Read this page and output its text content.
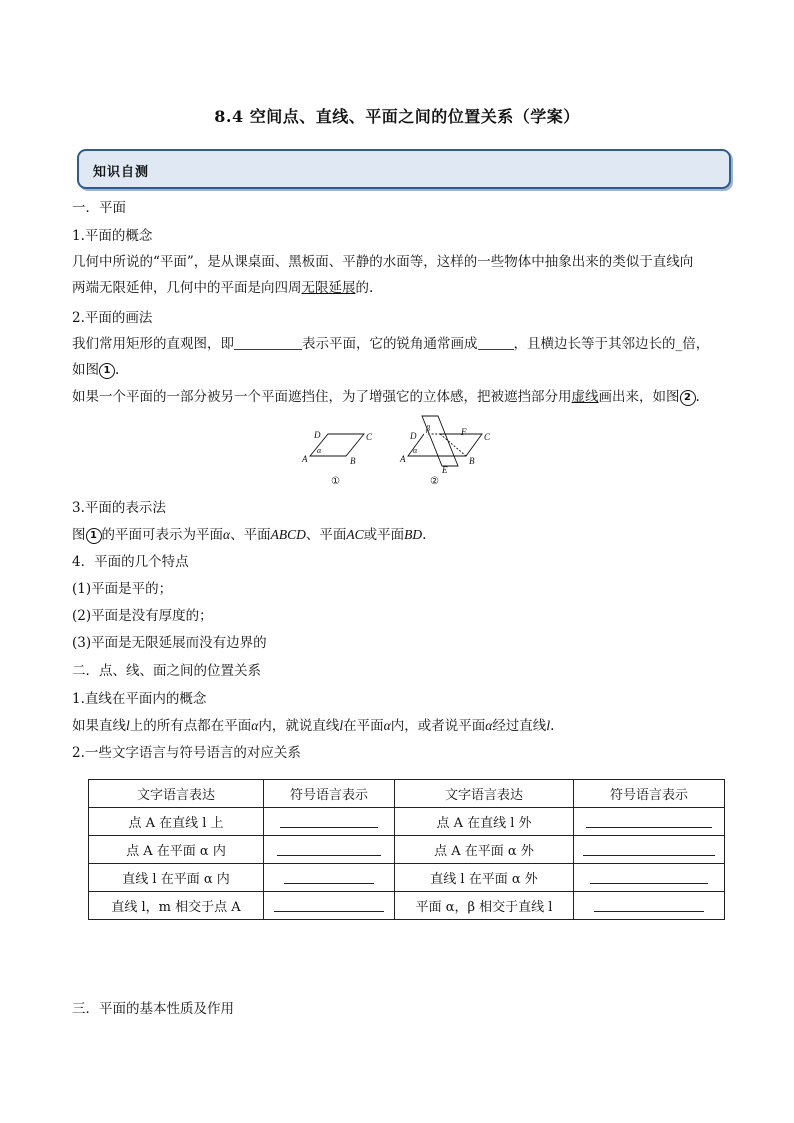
8.4 空间点、直线、平面之间的位置关系（学案）
知识自测
一．平面
1.平面的概念
几何中所说的“平面”，是从课桌面、黑板面、平静的水面等，这样的一些物体中抽象出来的类似于直线向
两端无限延伸，几何中的平面是向四周无限延展的.
2.平面的画法
我们常用矩形的直观图，即	表示平面，它的锐角通常画成	，且横边长等于其邻边长的_倍，
如图 1 .
如果一个平面的一部分被另一个平面遮挡住，为了增强它的立体感，把被遮挡部分用虚线画出来，如图 2 .
D	C
A	B
α
①
D
β	F C
α
A
E
B
②
3.平面的表示法
图 1 的平面可表示为平面α、平面ABCD、平面AC或平面BD.
4．平面的几个特点
(1)平面是平的；
(2)平面是没有厚度的；
(3)平面是无限延展而没有边界的
二．点、线、面之间的位置关系
1.直线在平面内的概念
如果直线l上的所有点都在平面α内，就说直线l在平面α内，或者说平面α经过直线l.
2.一些文字语言与符号语言的对应关系
文字语言表达	符号语言表示	文字语言表达	符号语言表示
点 A 在直线 l 上		点 A 在直线 l 外	
点 A 在平面 α 内		点 A 在平面 α 外	
直线 l 在平面 α 内		直线 l 在平面 α 外	
直线 l，m 相交于点 A		平面 α，β 相交于直线 l	
三．平面的基本性质及作用
